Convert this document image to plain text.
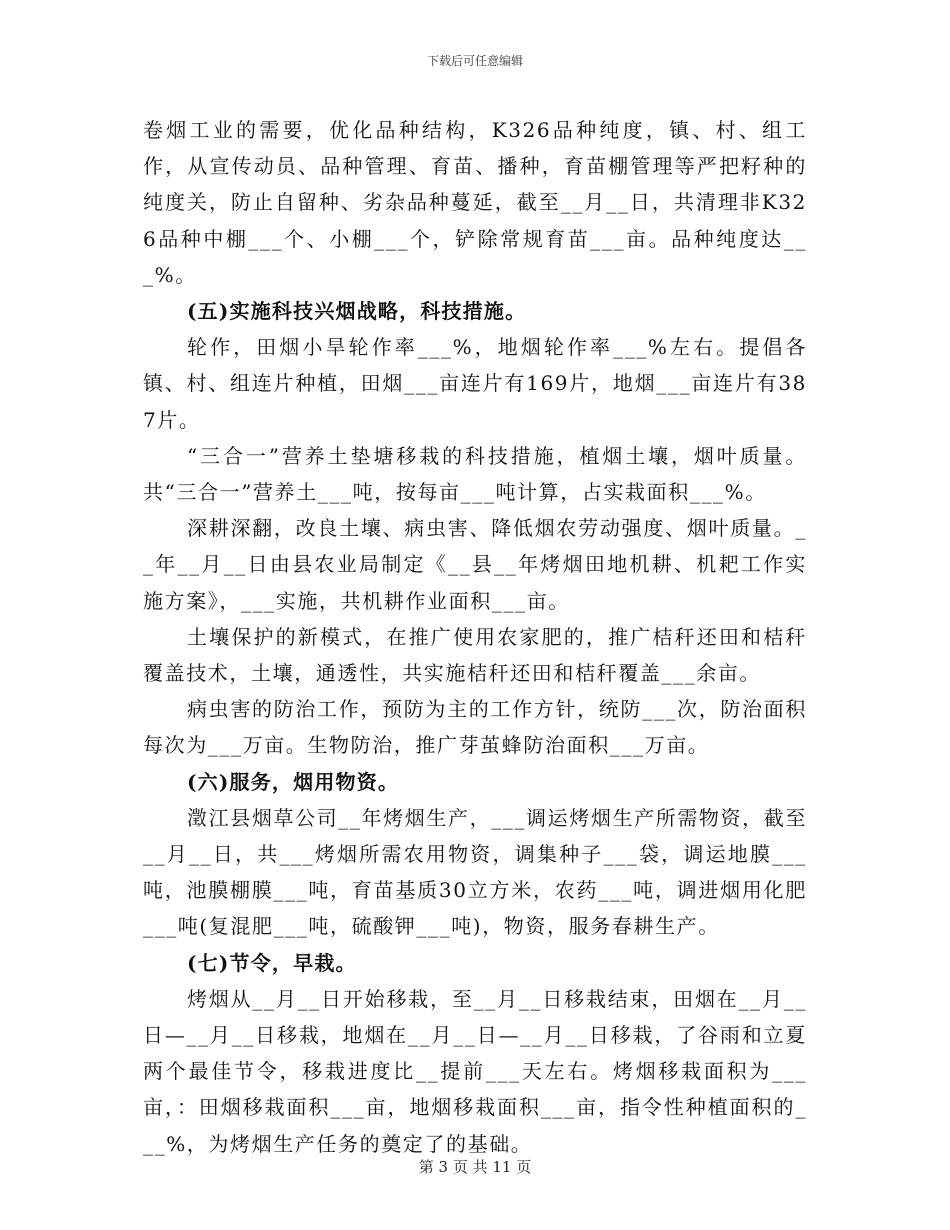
下载后可任意编辑

卷烟工业的需要，优化品种结构，K326品种纯度，镇、村、组工作，从宣传动员、品种管理、育苗、播种，育苗棚管理等严把籽种的纯度关，防止自留种、劣杂品种蔓延，截至__月__日，共清理非K326品种中棚___个、小棚___个，铲除常规育苗___亩。品种纯度达___%。

(五)实施科技兴烟战略，科技措施。

轮作，田烟小旱轮作率___%，地烟轮作率___%左右。提倡各镇、村、组连片种植，田烟___亩连片有169片，地烟___亩连片有387片。

“三合一”营养土垫塘移栽的科技措施，植烟土壤，烟叶质量。共“三合一”营养土___吨，按每亩___吨计算，占实栽面积___%。

深耕深翻，改良土壤、病虫害、降低烟农劳动强度、烟叶质量。__年__月__日由县农业局制定《__县__年烤烟田地机耕、机耙工作实施方案》，___实施，共机耕作业面积___亩。

土壤保护的新模式，在推广使用农家肥的，推广桔秆还田和桔秆覆盖技术，土壤，通透性，共实施桔秆还田和桔秆覆盖___余亩。

病虫害的防治工作，预防为主的工作方针，统防___次，防治面积每次为___万亩。生物防治，推广芽茧蜂防治面积___万亩。

(六)服务，烟用物资。

澂江县烟草公司__年烤烟生产，___调运烤烟生产所需物资，截至__月__日，共___烤烟所需农用物资，调集种子___袋，调运地膜___吨，池膜棚膜___吨，育苗基质30立方米，农药___吨，调进烟用化肥___吨(复混肥___吨，硫酸钾___吨)，物资，服务春耕生产。

(七)节令，早栽。

烤烟从__月__日开始移栽，至__月__日移栽结束，田烟在__月__日—__月__日移栽，地烟在__月__日—__月__日移栽，了谷雨和立夏两个最佳节令，移栽进度比__提前___天左右。烤烟移栽面积为___亩，：田烟移栽面积___亩，地烟移栽面积___亩，指令性种植面积的___%，为烤烟生产任务的奠定了的基础。

第 3 页 共 11 页
